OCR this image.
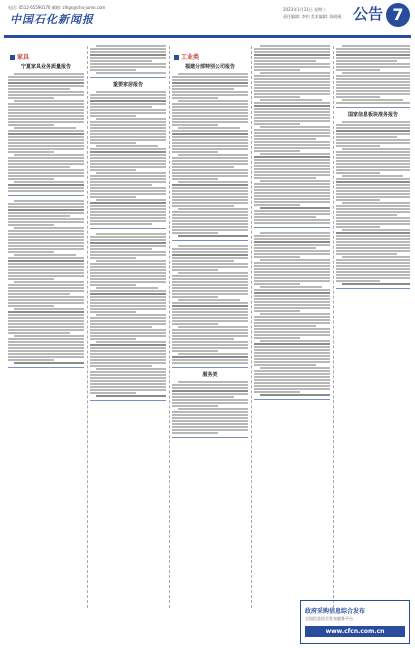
电话: 0512-65590176 邮箱: zlhgs@cho-jumo.com
中国石化新闻报
2023年1月11日 星期三
责任编辑: 李钧 美术编辑: 陈晓燕 公告 7
家具
宁夏家具业务质量报告
重要家居报告
工业类
福建分部特别公司报告
服务类
国家信息板块准务报告
政府采购信息综合发布
全国信息综合发布服务平台
www.cfcn.com.cn
